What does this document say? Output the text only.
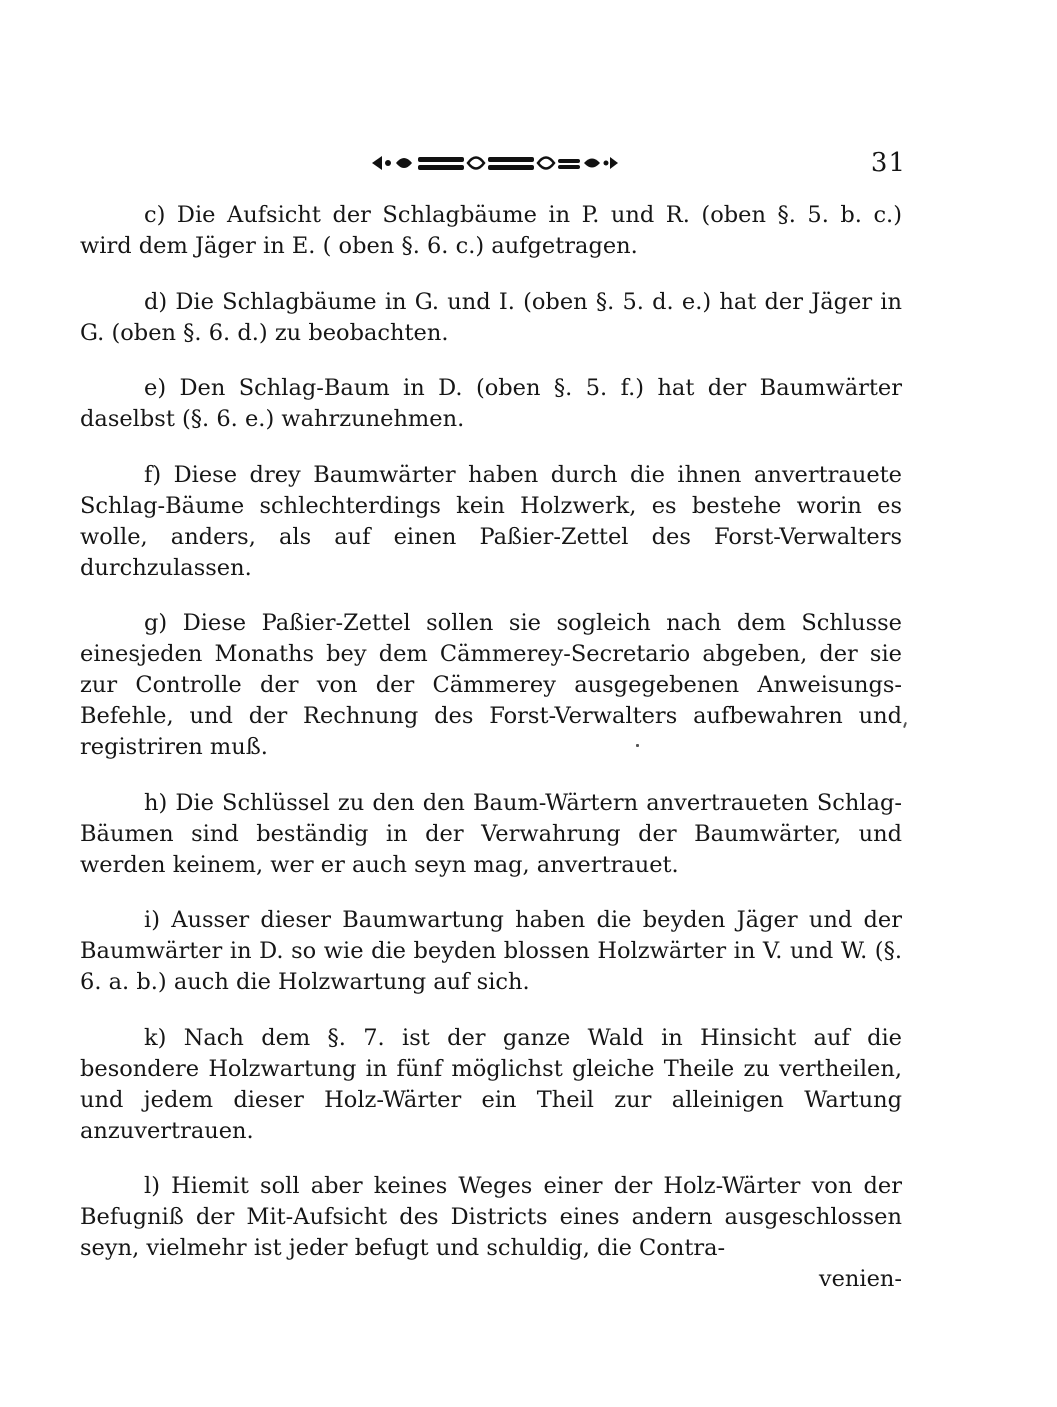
31

c) Die Aufsicht der Schlagbäume in P. und R. (oben §. 5. b. c.) wird dem Jäger in E. ( oben §. 6. c.) aufgetragen.

d) Die Schlagbäume in G. und I. (oben §. 5. d. e.) hat der Jäger in G. (oben §. 6. d.) zu beobachten.

e) Den Schlag-Baum in D. (oben §. 5. f.) hat der Baumwärter daselbst (§. 6. e.) wahrzunehmen.

f) Diese drey Baumwärter haben durch die ihnen anvertrauete Schlag-Bäume schlechterdings kein Holzwerk, es bestehe worin es wolle, anders, als auf einen Paßier-Zettel des Forst-Verwalters durchzulassen.

g) Diese Paßier-Zettel sollen sie sogleich nach dem Schlusse einesjeden Monaths bey dem Cämmerey-Secretario abgeben, der sie zur Controlle der von der Cämmerey ausgegebenen Anweisungs-Befehle, und der Rechnung des Forst-Verwalters aufbewahren und registriren muß.

h) Die Schlüssel zu den den Baum-Wärtern anvertraueten Schlag-Bäumen sind beständig in der Verwahrung der Baumwärter, und werden keinem, wer er auch seyn mag, anvertrauet.

i) Ausser dieser Baumwartung haben die beyden Jäger und der Baumwärter in D. so wie die beyden blossen Holzwärter in V. und W. (§. 6. a. b.) auch die Holzwartung auf sich.

k) Nach dem §. 7. ist der ganze Wald in Hinsicht auf die besondere Holzwartung in fünf möglichst gleiche Theile zu vertheilen, und jedem dieser Holz-Wärter ein Theil zur alleinigen Wartung anzuvertrauen.

l) Hiemit soll aber keines Weges einer der Holz-Wärter von der Befugniß der Mit-Aufsicht des Districts eines andern ausgeschlossen seyn, vielmehr ist jeder befugt und schuldig, die Contra-

venien-
